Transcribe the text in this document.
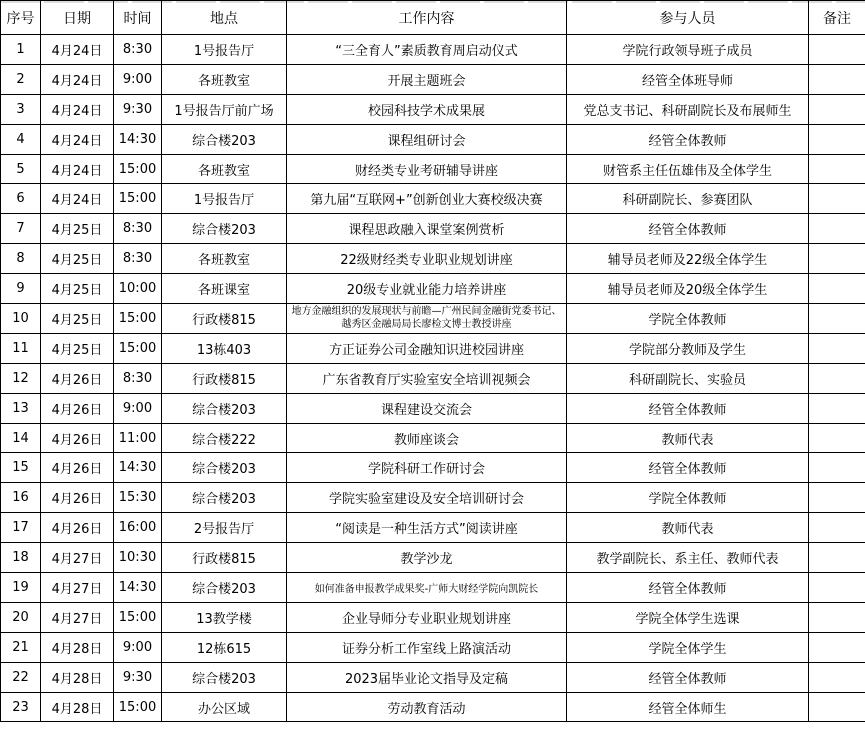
序号	日期	时间	地点	工作内容	参与人员	备注
1	4月24日	8:30	1号报告厅	“三全育人”素质教育周启动仪式	学院行政领导班子成员	
2	4月24日	9:00	各班教室	开展主题班会	经管全体班导师	
3	4月24日	9:30	1号报告厅前广场	校园科技学术成果展	党总支书记、科研副院长及布展师生	
4	4月24日	14:30	综合楼203	课程组研讨会	经管全体教师	
5	4月24日	15:00	各班教室	财经类专业考研辅导讲座	财管系主任伍雄伟及全体学生	
6	4月24日	15:00	1号报告厅	第九届“互联网+”创新创业大赛校级决赛	科研副院长、参赛团队	
7	4月25日	8:30	综合楼203	课程思政融入课堂案例赏析	经管全体教师	
8	4月25日	8:30	各班教室	22级财经类专业职业规划讲座	辅导员老师及22级全体学生	
9	4月25日	10:00	各班课室	20级专业就业能力培养讲座	辅导员老师及20级全体学生	
10	4月25日	15:00	行政楼815	地方金融组织的发展现状与前瞻—广州民间金融街党委书记、越秀区金融局局长廖检文博士教授讲座	学院全体教师	
11	4月25日	15:00	13栋403	方正证券公司金融知识进校园讲座	学院部分教师及学生	
12	4月26日	8:30	行政楼815	广东省教育厅实验室安全培训视频会	科研副院长、实验员	
13	4月26日	9:00	综合楼203	课程建设交流会	经管全体教师	
14	4月26日	11:00	综合楼222	教师座谈会	教师代表	
15	4月26日	14:30	综合楼203	学院科研工作研讨会	经管全体教师	
16	4月26日	15:30	综合楼203	学院实验室建设及安全培训研讨会	学院全体教师	
17	4月26日	16:00	2号报告厅	“阅读是一种生活方式”阅读讲座	教师代表	
18	4月27日	10:30	行政楼815	教学沙龙	教学副院长、系主任、教师代表	
19	4月27日	14:30	综合楼203	如何准备申报教学成果奖-广师大财经学院向凯院长	经管全体教师	
20	4月27日	15:00	13教学楼	企业导师分专业职业规划讲座	学院全体学生选课	
21	4月28日	9:00	12栋615	证券分析工作室线上路演活动	学院全体学生	
22	4月28日	9:30	综合楼203	2023届毕业论文指导及定稿	经管全体教师	
23	4月28日	15:00	办公区域	劳动教育活动	经管全体师生	
